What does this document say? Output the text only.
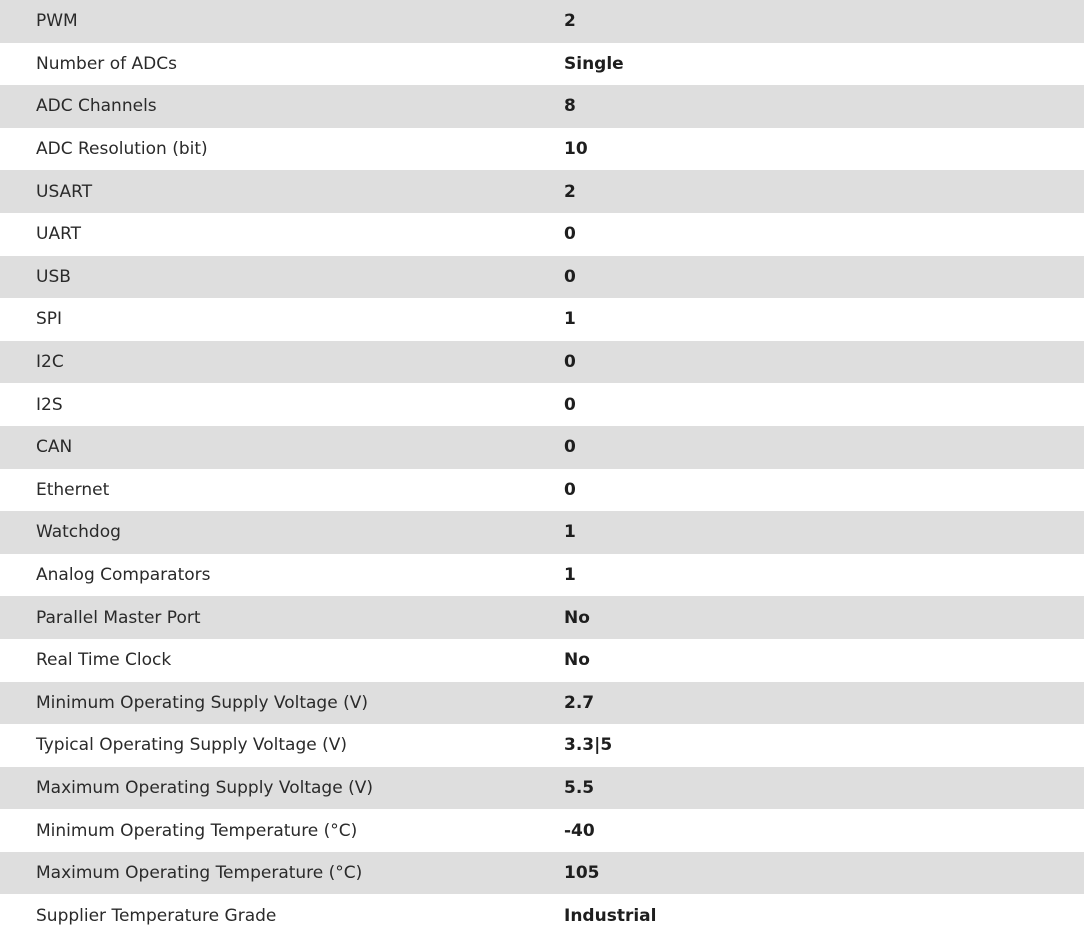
PWM	2
Number of ADCs	Single
ADC Channels	8
ADC Resolution (bit)	10
USART	2
UART	0
USB	0
SPI	1
I2C	0
I2S	0
CAN	0
Ethernet	0
Watchdog	1
Analog Comparators	1
Parallel Master Port	No
Real Time Clock	No
Minimum Operating Supply Voltage (V)	2.7
Typical Operating Supply Voltage (V)	3.3|5
Maximum Operating Supply Voltage (V)	5.5
Minimum Operating Temperature (°C)	-40
Maximum Operating Temperature (°C)	105
Supplier Temperature Grade	Industrial
